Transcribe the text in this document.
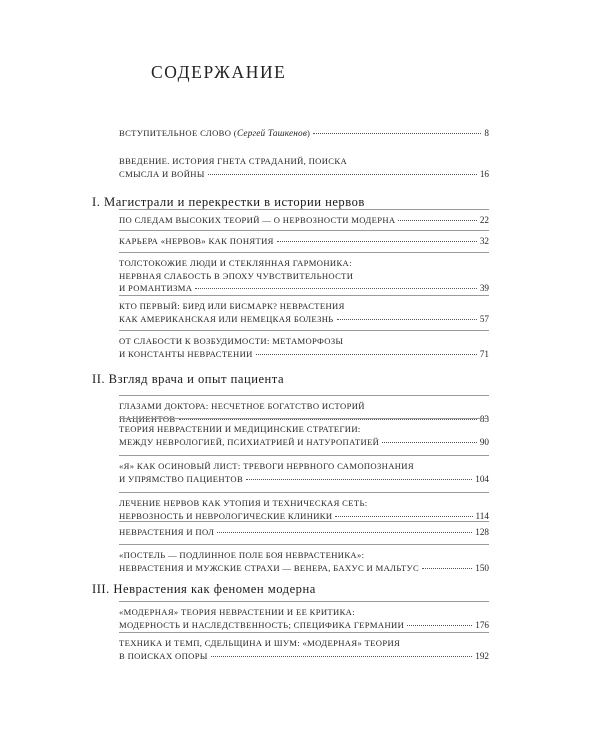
СОДЕРЖАНИЕ
ВСТУПИТЕЛЬНОЕ СЛОВО (Сергей Ташкенов)	8
ВВЕДЕНИЕ. ИСТОРИЯ ГНЕТА СТРАДАНИЙ, ПОИСКА
СМЫСЛА И ВОЙНЫ	16
I. Магистрали и перекрестки в истории нервов
ПО СЛЕДАМ ВЫСОКИХ ТЕОРИЙ — О НЕРВОЗНОСТИ МОДЕРНА	22
КАРЬЕРА «НЕРВОВ» КАК ПОНЯТИЯ	32
ТОЛСТОКОЖИЕ ЛЮДИ И СТЕКЛЯННАЯ ГАРМОНИКА:
НЕРВНАЯ СЛАБОСТЬ В ЭПОХУ ЧУВСТВИТЕЛЬНОСТИ
И РОМАНТИЗМА	39
КТО ПЕРВЫЙ: БИРД ИЛИ БИСМАРК? НЕВРАСТЕНИЯ
КАК АМЕРИКАНСКАЯ ИЛИ НЕМЕЦКАЯ БОЛЕЗНЬ	57
ОТ СЛАБОСТИ К ВОЗБУДИМОСТИ: МЕТАМОРФОЗЫ
И КОНСТАНТЫ НЕВРАСТЕНИИ	71
II. Взгляд врача и опыт пациента
ГЛАЗАМИ ДОКТОРА: НЕСЧЕТНОЕ БОГАТСТВО ИСТОРИЙ
ПАЦИЕНТОВ	83
ТЕОРИЯ НЕВРАСТЕНИИ И МЕДИЦИНСКИЕ СТРАТЕГИИ:
МЕЖДУ НЕВРОЛОГИЕЙ, ПСИХИАТРИЕЙ И НАТУРОПАТИЕЙ	90
«Я» КАК ОСИНОВЫЙ ЛИСТ: ТРЕВОГИ НЕРВНОГО САМОПОЗНАНИЯ
И УПРЯМСТВО ПАЦИЕНТОВ	104
ЛЕЧЕНИЕ НЕРВОВ КАК УТОПИЯ И ТЕХНИЧЕСКАЯ СЕТЬ:
НЕРВОЗНОСТЬ И НЕВРОЛОГИЧЕСКИЕ КЛИНИКИ	114
НЕВРАСТЕНИЯ И ПОЛ	128
«ПОСТЕЛЬ — ПОДЛИННОЕ ПОЛЕ БОЯ НЕВРАСТЕНИКА»:
НЕВРАСТЕНИЯ И МУЖСКИЕ СТРАХИ — ВЕНЕРА, БАХУС И МАЛЬТУС	150
III. Неврастения как феномен модерна
«МОДЕРНАЯ» ТЕОРИЯ НЕВРАСТЕНИИ И ЕЕ КРИТИКА:
МОДЕРНОСТЬ И НАСЛЕДСТВЕННОСТЬ; СПЕЦИФИКА ГЕРМАНИИ	176
ТЕХНИКА И ТЕМП, СДЕЛЬЩИНА И ШУМ: «МОДЕРНАЯ» ТЕОРИЯ
В ПОИСКАХ ОПОРЫ	192
